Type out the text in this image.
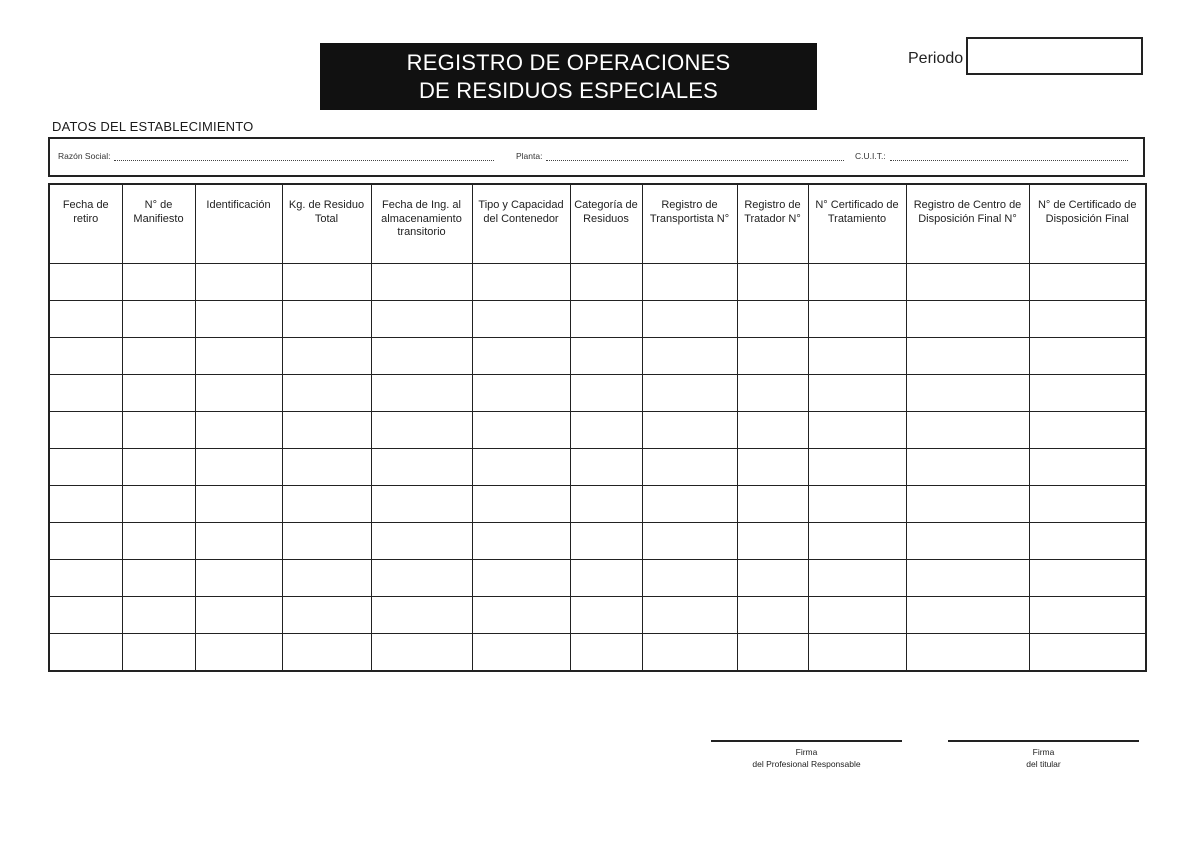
REGISTRO DE OPERACIONES
DE RESIDUOS ESPECIALES
Periodo
DATOS DEL ESTABLECIMIENTO
Razón Social:	Planta:	C.U.I.T.:
Fecha de retiro	N° de Manifiesto	Identificación	Kg. de Residuo Total	Fecha de Ing. al almacenamiento transitorio	Tipo y Capacidad del Contenedor	Categoría de Residuos	Registro de Transportista N°	Registro de Tratador N°	N° Certificado de Tratamiento	Registro de Centro de Disposición Final N°	N° de Certificado de Disposición Final

Firma
del Profesional Responsable
Firma
del titular
